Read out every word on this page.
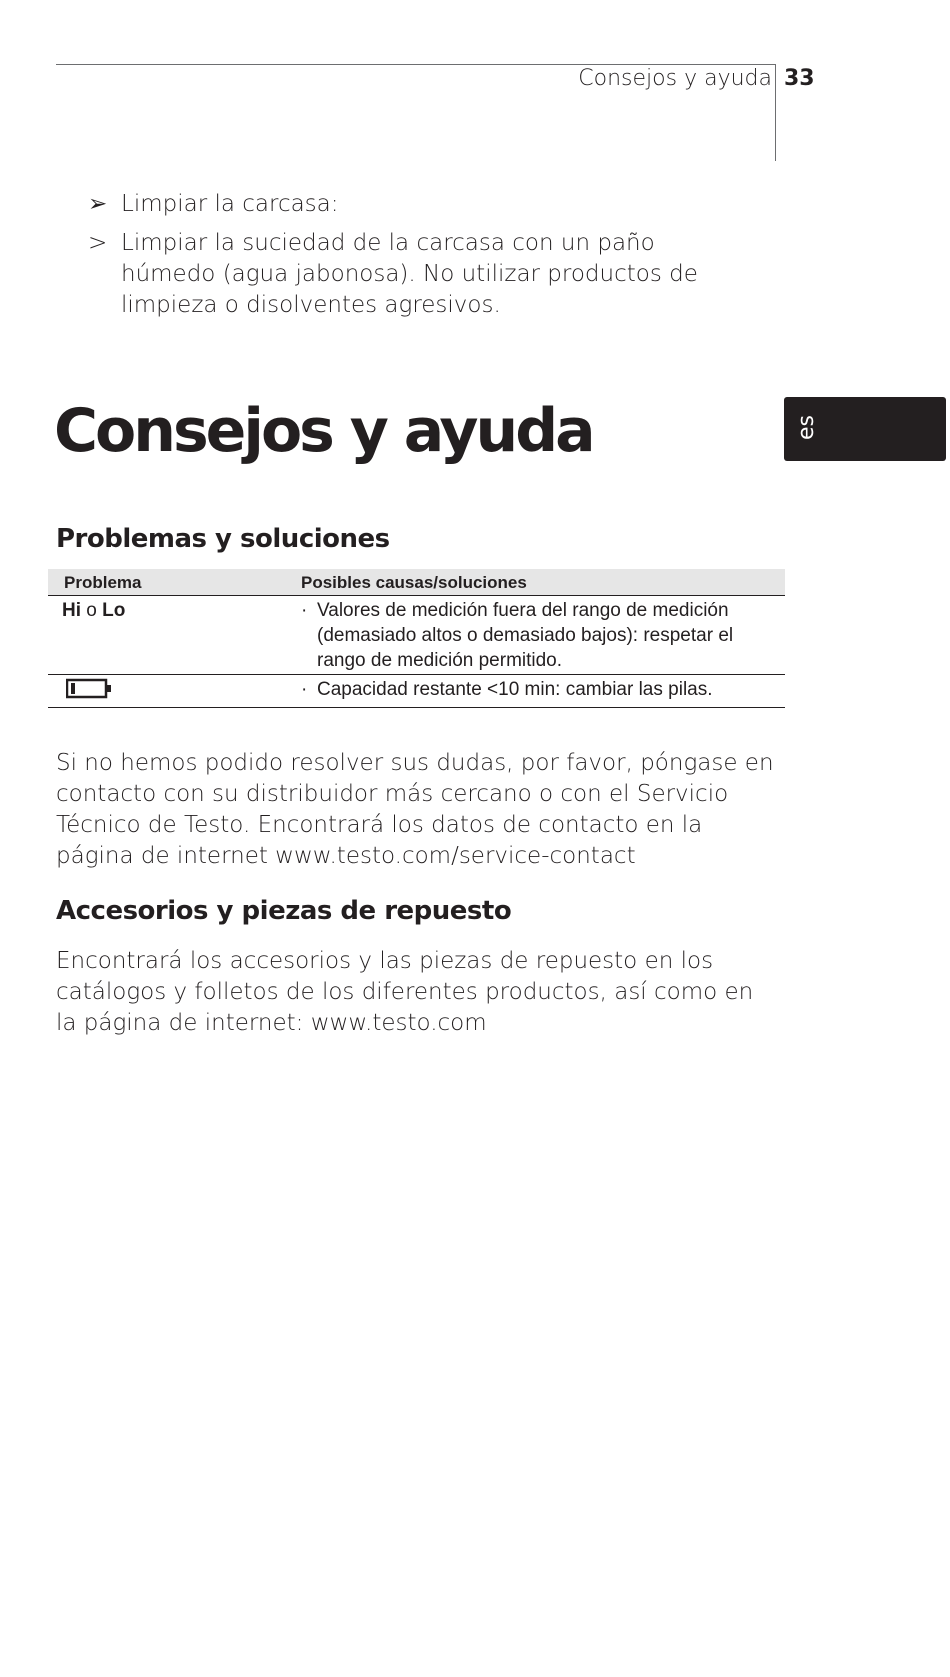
Consejos y ayuda 33
➢ Limpiar la carcasa:
> Limpiar la suciedad de la carcasa con un paño húmedo (agua jabonosa). No utilizar productos de limpieza o disolventes agresivos.
Consejos y ayuda	es
Problemas y soluciones
Problema	Posibles causas/soluciones
Hi o Lo	· Valores de medición fuera del rango de medición
(demasiado altos o demasiado bajos): respetar el
rango de medición permitido.
	· Capacidad restante <10 min: cambiar las pilas.
Si no hemos podido resolver sus dudas, por favor, póngase en contacto con su distribuidor más cercano o con el Servicio Técnico de Testo. Encontrará los datos de contacto en la página de internet www.testo.com/service-contact
Accesorios y piezas de repuesto
Encontrará los accesorios y las piezas de repuesto en los catálogos y folletos de los diferentes productos, así como en la página de internet: www.testo.com
